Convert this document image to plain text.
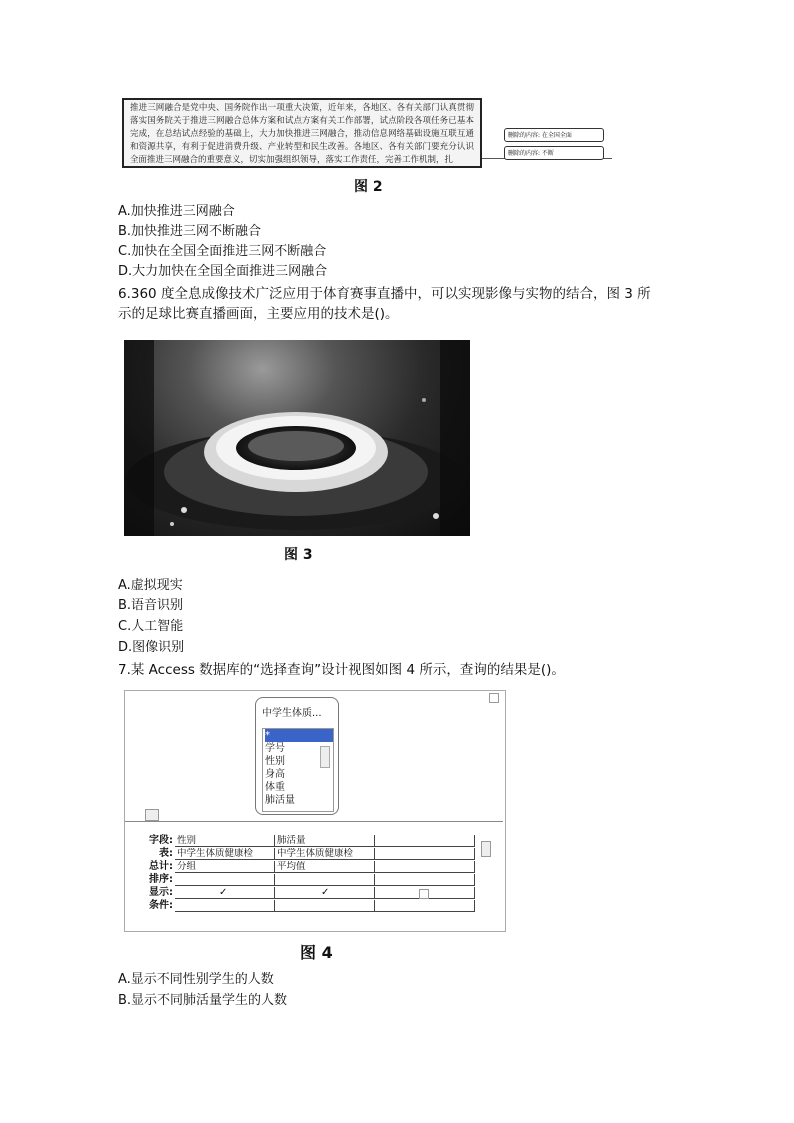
推进三网融合是党中央、国务院作出一项重大决策，近年来，各地区、各有关部门认真贯彻落实国务院关于推进三网融合总体方案和试点方案有关工作部署，试点阶段各项任务已基本完成，在总结试点经验的基础上，大力加快推进三网融合，推动信息网络基础设施互联互通和资源共享，有利于促进消费升级、产业转型和民生改善。各地区、各有关部门要充分认识全面推进三网融合的重要意义，切实加强组织领导，落实工作责任，完善工作机制，扎
删除的内容: 在全国全面
删除的内容: 不断
图 2
A.加快推进三网融合
B.加快推进三网不断融合
C.加快在全国全面推进三网不断融合
D.大力加快在全国全面推进三网融合
6.360 度全息成像技术广泛应用于体育赛事直播中，可以实现影像与实物的结合，图 3 所
示的足球比赛直播画面，主要应用的技术是()。
图 3
A.虚拟现实
B.语音识别
C.人工智能
D.图像识别
7.某 Access 数据库的“选择查询”设计视图如图 4 所示，查询的结果是()。
中学生体质...
*
学号
性别
身高
体重
肺活量
字段:
表:
总计:
排序:
显示:
条件:
性别
中学生体质健康检
分组
✓
肺活量
中学生体质健康检
平均值
✓
图 4
A.显示不同性别学生的人数
B.显示不同肺活量学生的人数
